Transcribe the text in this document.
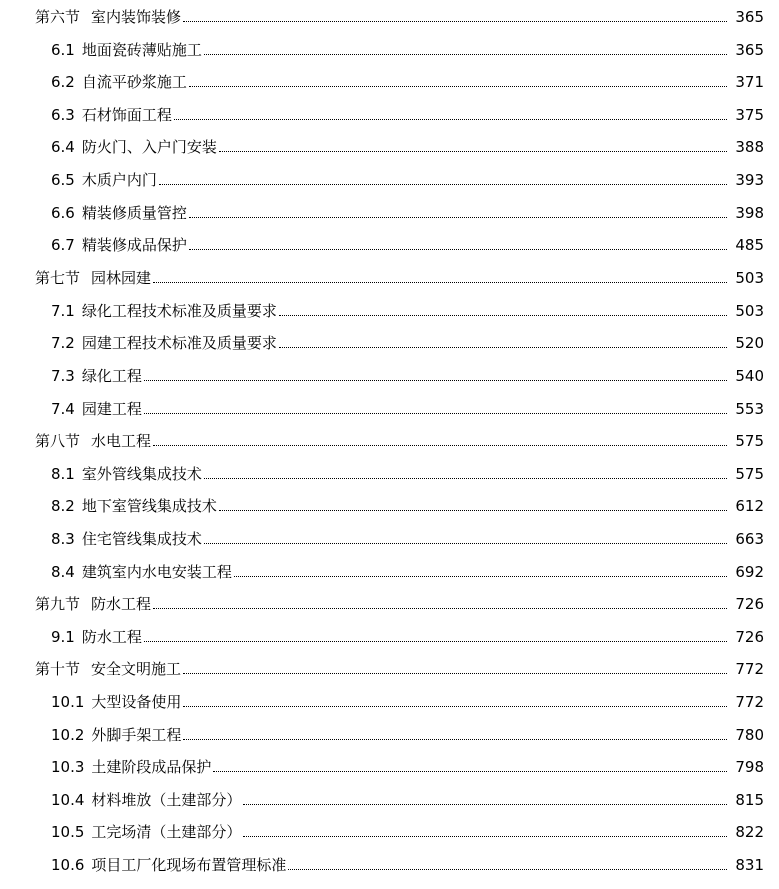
第六节 室内装饰装修	365
6.1 地面瓷砖薄贴施工	365
6.2 自流平砂浆施工	371
6.3 石材饰面工程	375
6.4 防火门、入户门安装	388
6.5 木质户内门	393
6.6 精装修质量管控	398
6.7 精装修成品保护	485
第七节 园林园建	503
7.1 绿化工程技术标准及质量要求	503
7.2 园建工程技术标准及质量要求	520
7.3 绿化工程	540
7.4 园建工程	553
第八节 水电工程	575
8.1 室外管线集成技术	575
8.2 地下室管线集成技术	612
8.3 住宅管线集成技术	663
8.4 建筑室内水电安装工程	692
第九节 防水工程	726
9.1 防水工程	726
第十节 安全文明施工	772
10.1 大型设备使用	772
10.2 外脚手架工程	780
10.3 土建阶段成品保护	798
10.4 材料堆放（土建部分）	815
10.5 工完场清（土建部分）	822
10.6 项目工厂化现场布置管理标准	831
